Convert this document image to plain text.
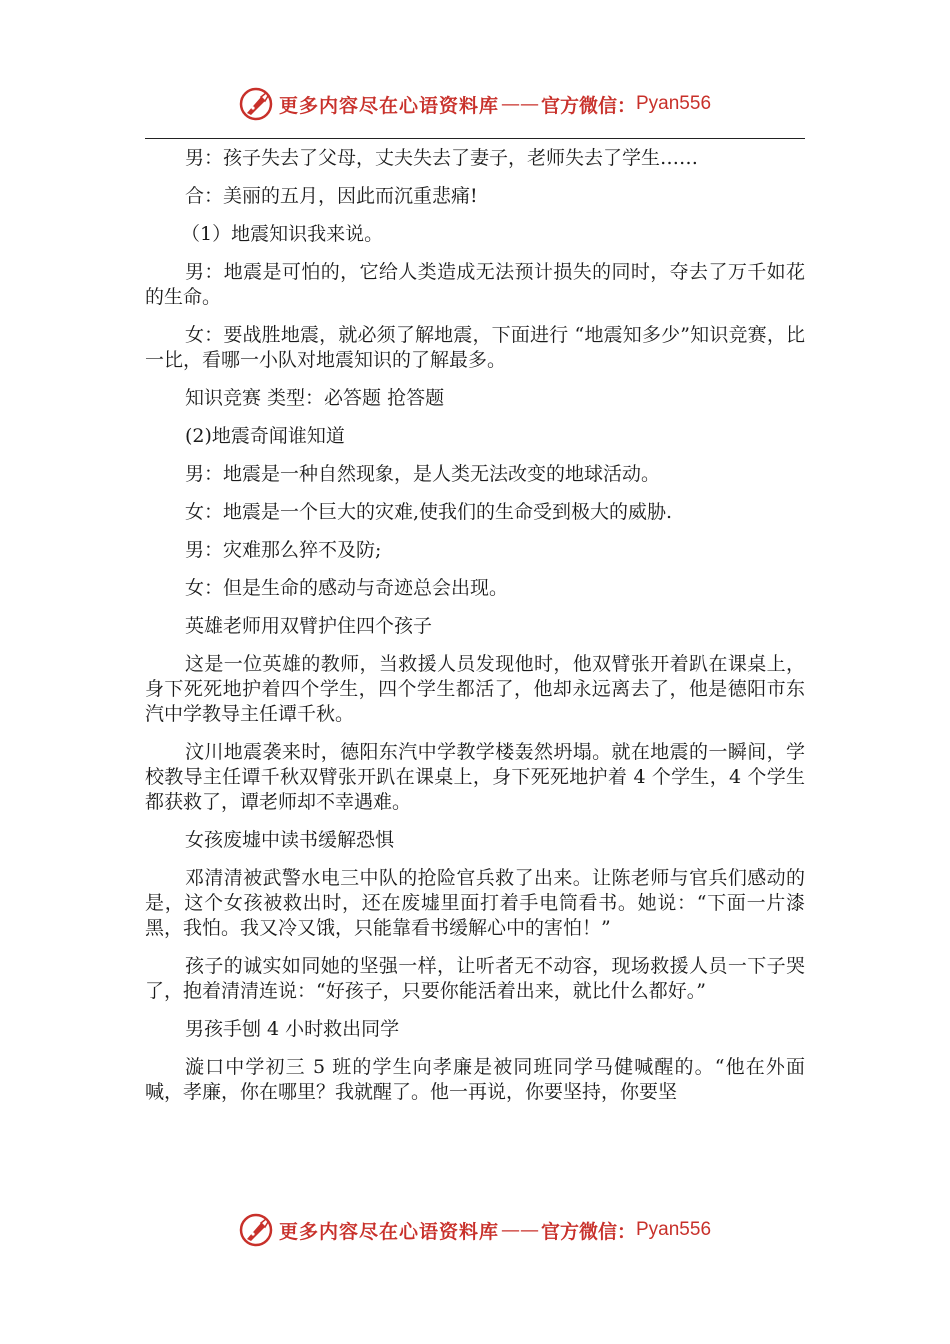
更多内容尽在心语资料库 —— 官方微信： Pyan556

男：孩子失去了父母，丈夫失去了妻子，老师失去了学生……

合：美丽的五月，因此而沉重悲痛!

（1）地震知识我来说。

男：地震是可怕的，它给人类造成无法预计损失的同时，夺去了万千如花的生命。

女：要战胜地震，就必须了解地震，下面进行 “地震知多少”知识竞赛，比一比，看哪一小队对地震知识的了解最多。

知识竞赛 类型：必答题 抢答题

(2)地震奇闻谁知道

男：地震是一种自然现象，是人类无法改变的地球活动。

女：地震是一个巨大的灾难,使我们的生命受到极大的威胁.

男：灾难那么猝不及防;

女：但是生命的感动与奇迹总会出现。

英雄老师用双臂护住四个孩子

这是一位英雄的教师，当救援人员发现他时，他双臂张开着趴在课桌上，身下死死地护着四个学生，四个学生都活了，他却永远离去了，他是德阳市东汽中学教导主任谭千秋。

汶川地震袭来时，德阳东汽中学教学楼轰然坍塌。就在地震的一瞬间，学校教导主任谭千秋双臂张开趴在课桌上，身下死死地护着 4 个学生，4 个学生都获救了，谭老师却不幸遇难。

女孩废墟中读书缓解恐惧

邓清清被武警水电三中队的抢险官兵救了出来。让陈老师与官兵们感动的是，这个女孩被救出时，还在废墟里面打着手电筒看书。她说：“下面一片漆黑，我怕。我又冷又饿，只能靠看书缓解心中的害怕！”

孩子的诚实如同她的坚强一样，让听者无不动容，现场救援人员一下子哭了，抱着清清连说：“好孩子，只要你能活着出来，就比什么都好。”

男孩手刨 4 小时救出同学

漩口中学初三 5 班的学生向孝廉是被同班同学马健喊醒的。“他在外面喊，孝廉，你在哪里？我就醒了。他一再说，你要坚持，你要坚

更多内容尽在心语资料库 —— 官方微信： Pyan556
